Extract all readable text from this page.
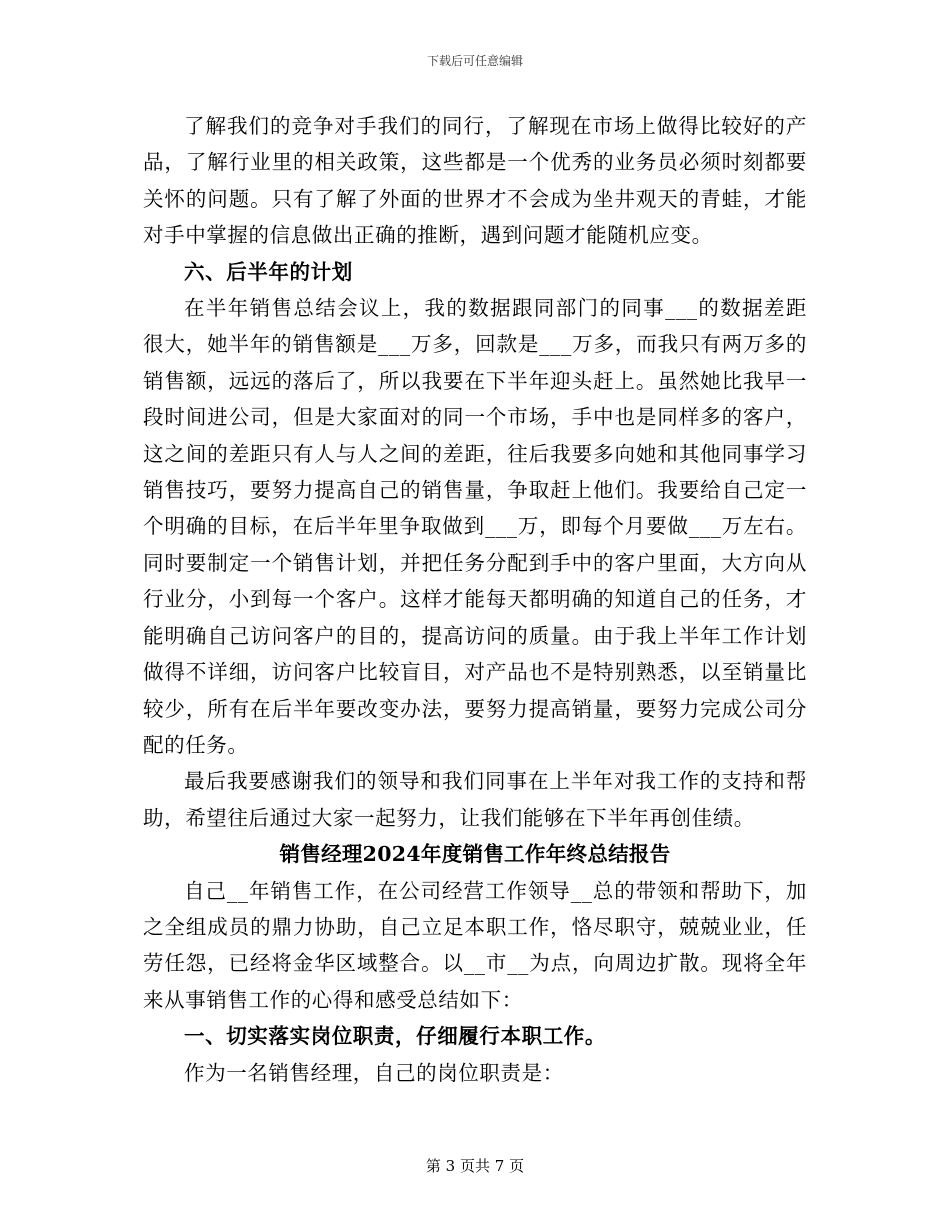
下载后可任意编辑

了解我们的竞争对手我们的同行，了解现在市场上做得比较好的产品，了解行业里的相关政策，这些都是一个优秀的业务员必须时刻都要关怀的问题。只有了解了外面的世界才不会成为坐井观天的青蛙，才能对手中掌握的信息做出正确的推断，遇到问题才能随机应变。

六、后半年的计划

在半年销售总结会议上，我的数据跟同部门的同事___的数据差距很大，她半年的销售额是___万多，回款是___万多，而我只有两万多的销售额，远远的落后了，所以我要在下半年迎头赶上。虽然她比我早一段时间进公司，但是大家面对的同一个市场，手中也是同样多的客户，这之间的差距只有人与人之间的差距，往后我要多向她和其他同事学习销售技巧，要努力提高自己的销售量，争取赶上他们。我要给自己定一个明确的目标，在后半年里争取做到___万，即每个月要做___万左右。同时要制定一个销售计划，并把任务分配到手中的客户里面，大方向从行业分，小到每一个客户。这样才能每天都明确的知道自己的任务，才能明确自己访问客户的目的，提高访问的质量。由于我上半年工作计划做得不详细，访问客户比较盲目，对产品也不是特别熟悉，以至销量比较少，所有在后半年要改变办法，要努力提高销量，要努力完成公司分配的任务。

最后我要感谢我们的领导和我们同事在上半年对我工作的支持和帮助，希望往后通过大家一起努力，让我们能够在下半年再创佳绩。

销售经理2024年度销售工作年终总结报告

自己__年销售工作，在公司经营工作领导__总的带领和帮助下，加之全组成员的鼎力协助，自己立足本职工作，恪尽职守，兢兢业业，任劳任怨，已经将金华区域整合。以__市__为点，向周边扩散。现将全年来从事销售工作的心得和感受总结如下：

一、切实落实岗位职责，仔细履行本职工作。

作为一名销售经理，自己的岗位职责是：

第 3 页共 7 页
